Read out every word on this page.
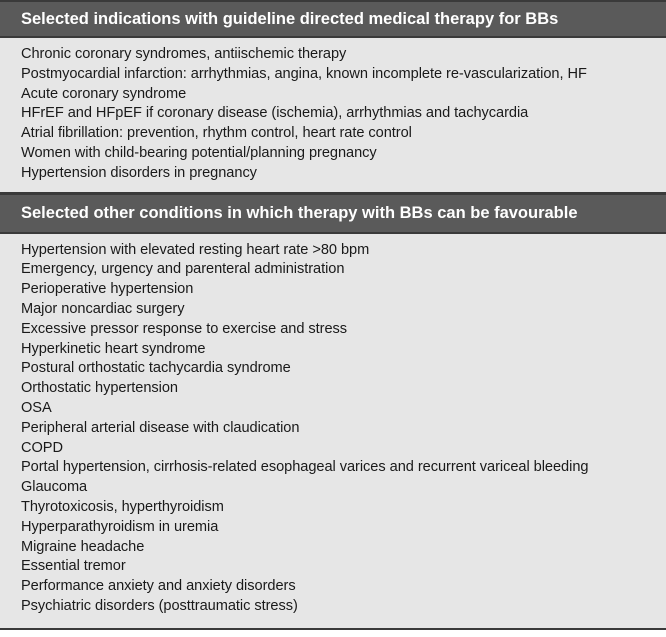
Selected indications with guideline directed medical therapy for BBs
Chronic coronary syndromes, antiischemic therapy
Postmyocardial infarction: arrhythmias, angina, known incomplete re-vascularization, HF
Acute coronary syndrome
HFrEF and HFpEF if coronary disease (ischemia), arrhythmias and tachycardia
Atrial fibrillation: prevention, rhythm control, heart rate control
Women with child-bearing potential/planning pregnancy
Hypertension disorders in pregnancy
Selected other conditions in which therapy with BBs can be favourable
Hypertension with elevated resting heart rate >80 bpm
Emergency, urgency and parenteral administration
Perioperative hypertension
Major noncardiac surgery
Excessive pressor response to exercise and stress
Hyperkinetic heart syndrome
Postural orthostatic tachycardia syndrome
Orthostatic hypertension
OSA
Peripheral arterial disease with claudication
COPD
Portal hypertension, cirrhosis-related esophageal varices and recurrent variceal bleeding
Glaucoma
Thyrotoxicosis, hyperthyroidism
Hyperparathyroidism in uremia
Migraine headache
Essential tremor
Performance anxiety and anxiety disorders
Psychiatric disorders (posttraumatic stress)
